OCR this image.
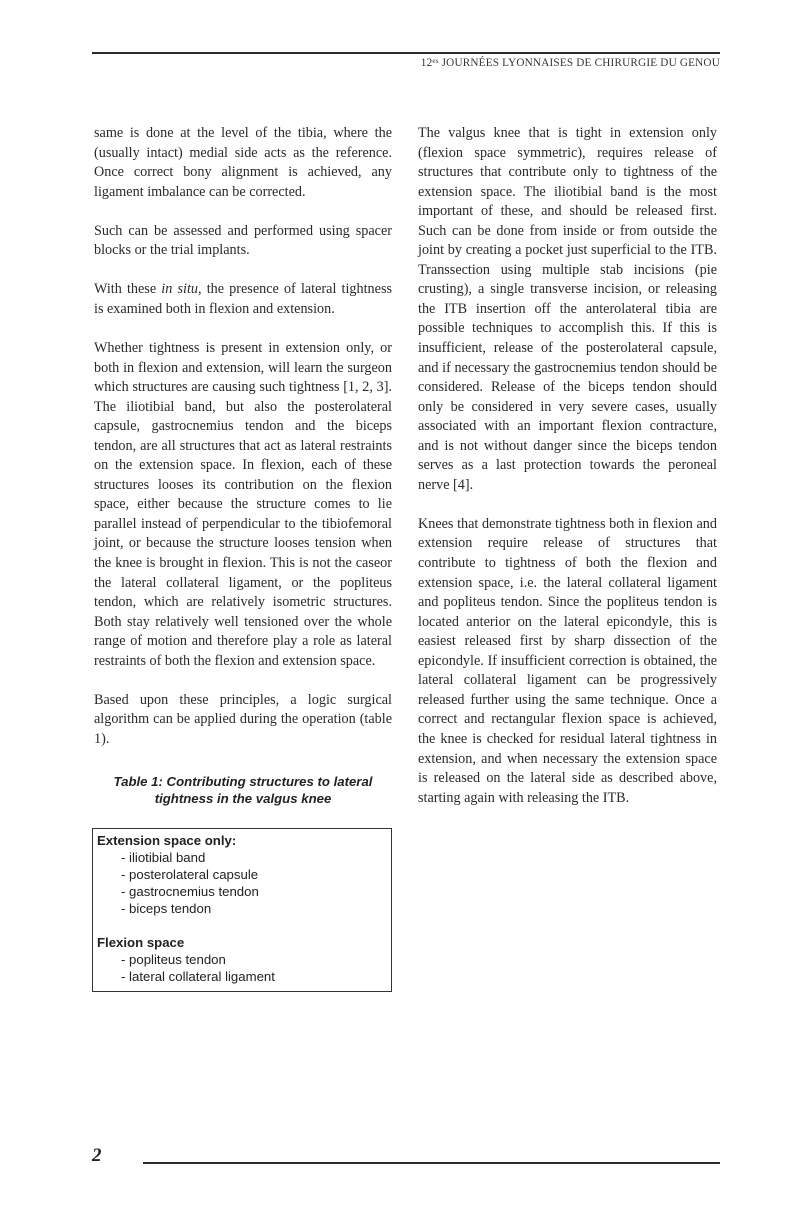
$12^{es}$ JOURNÉES LYONNAISES DE CHIRURGIE DU GENOU

same is done at the level of the tibia, where the (usually intact) medial side acts as the reference. Once correct bony alignment is achieved, any ligament imbalance can be corrected.

Such can be assessed and performed using spacer blocks or the trial implants.

With these in situ, the presence of lateral tightness is examined both in flexion and extension.

Whether tightness is present in extension only, or both in flexion and extension, will learn the surgeon which structures are causing such tightness [1, 2, 3]. The iliotibial band, but also the posterolateral capsule, gastrocnemius tendon and the biceps tendon, are all structures that act as lateral restraints on the extension space. In flexion, each of these structures looses its contribution on the flexion space, either because the structure comes to lie parallel instead of perpendicular to the tibiofemoral joint, or because the structure looses tension when the knee is brought in flexion. This is not the caseor the lateral collateral ligament, or the popliteus tendon, which are relatively isometric structures. Both stay relatively well tensioned over the whole range of motion and therefore play a role as lateral restraints of both the flexion and extension space.

Based upon these principles, a logic surgical algorithm can be applied during the operation (table 1).

Table 1: Contributing structures to lateral
tightness in the valgus knee
Extension space only:
- iliotibial band
- posterolateral capsule
- gastrocnemius tendon
- biceps tendon
Flexion space
- popliteus tendon
- lateral collateral ligament

The valgus knee that is tight in extension only (flexion space symmetric), requires release of structures that contribute only to tightness of the extension space. The iliotibial band is the most important of these, and should be released first. Such can be done from inside or from outside the joint by creating a pocket just superficial to the ITB. Transsection using multiple stab incisions (pie crusting), a single transverse incision, or releasing the ITB insertion off the anterolateral tibia are possible techniques to accomplish this. If this is insufficient, release of the posterolateral capsule, and if necessary the gastrocnemius tendon should be considered. Release of the biceps tendon should only be considered in very severe cases, usually associated with an important flexion contracture, and is not without danger since the biceps tendon serves as a last protection towards the peroneal nerve [4].

Knees that demonstrate tightness both in flexion and extension require release of structures that contribute to tightness of both the flexion and extension space, i.e. the lateral collateral ligament and popliteus tendon. Since the popliteus tendon is located anterior on the lateral epicondyle, this is easiest released first by sharp dissection of the epicondyle. If insufficient correction is obtained, the lateral collateral ligament can be progressively released further using the same technique. Once a correct and rectangular flexion space is achieved, the knee is checked for residual lateral tightness in extension, and when necessary the extension space is released on the lateral side as described above, starting again with releasing the ITB.

2
